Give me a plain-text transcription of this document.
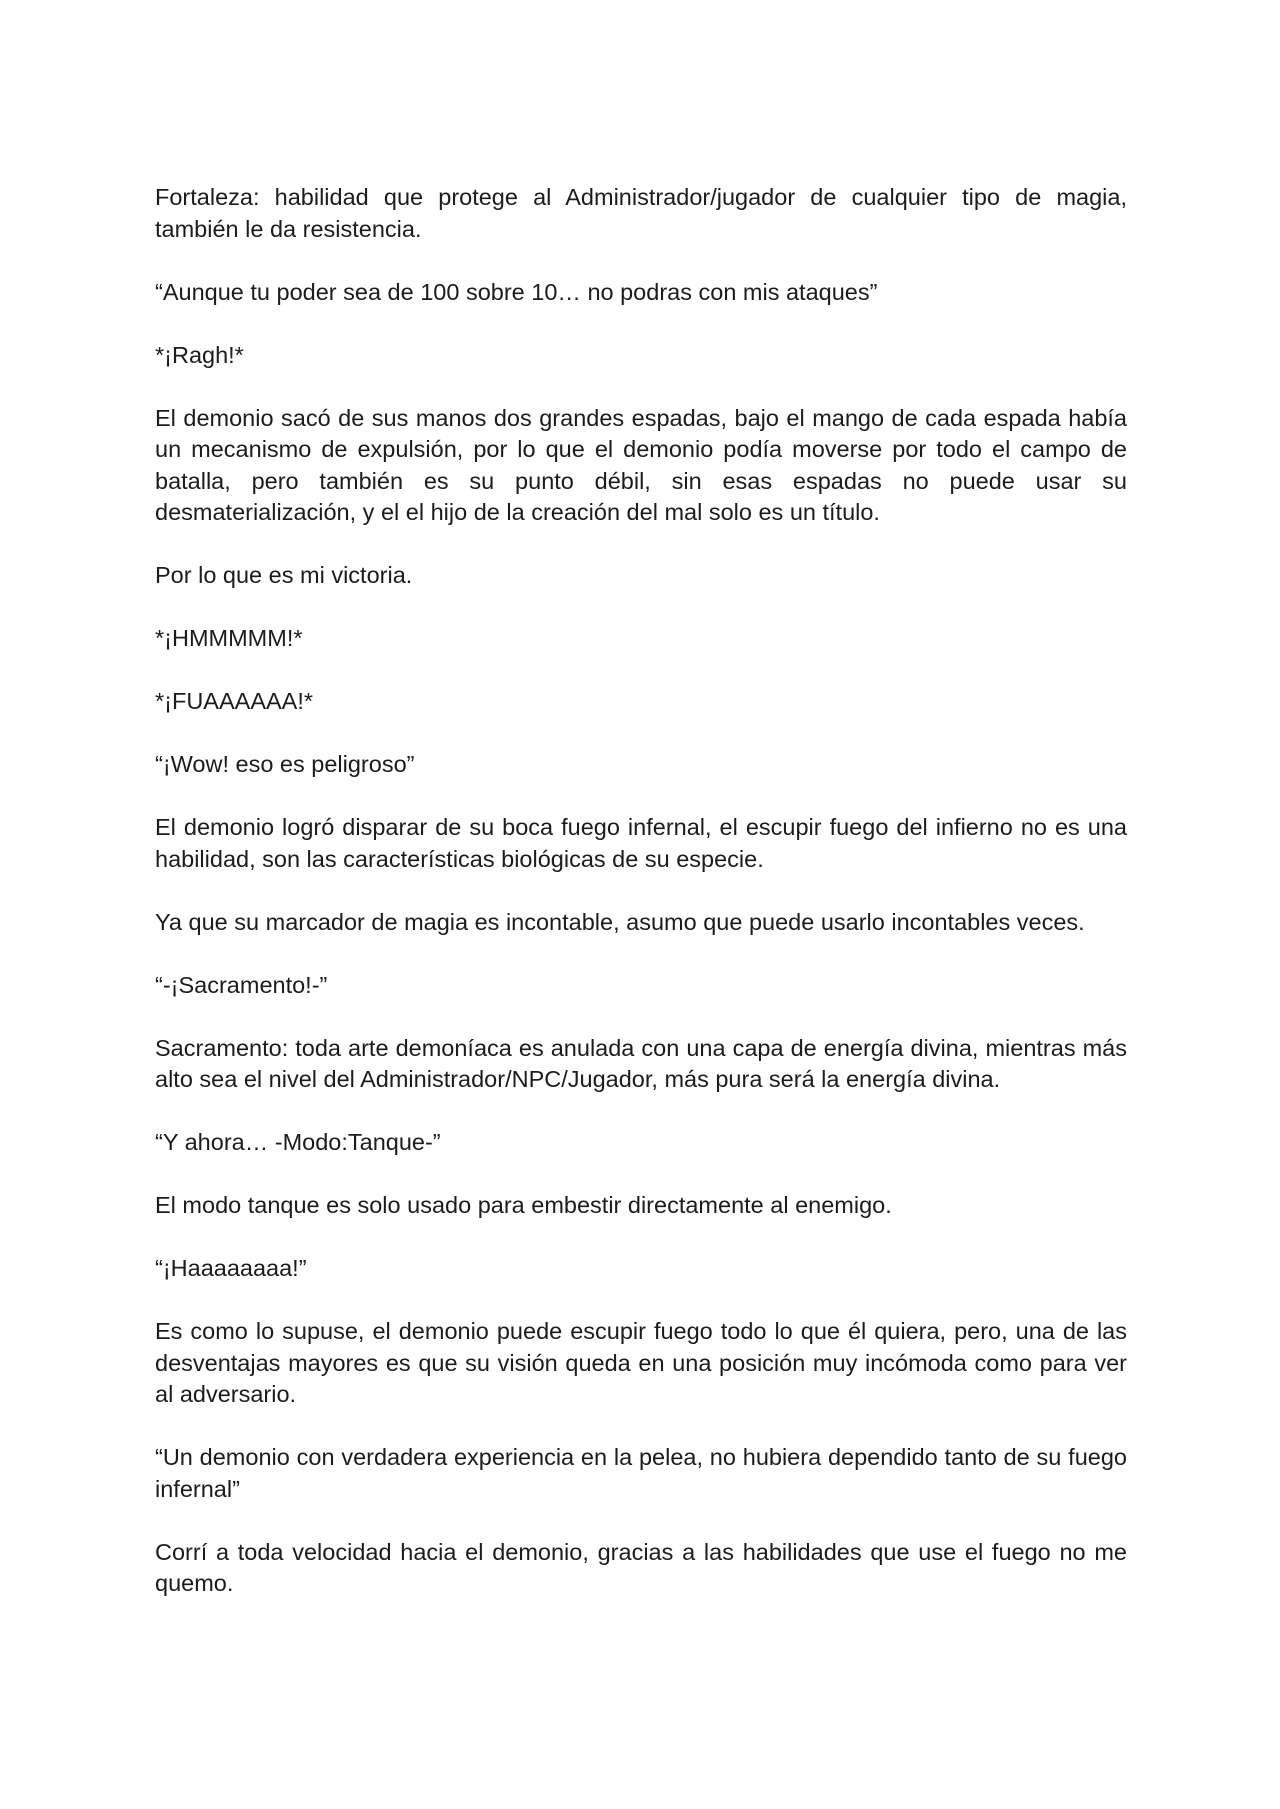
Fortaleza: habilidad que protege al Administrador/jugador de cualquier tipo de magia, también le da resistencia.

“Aunque tu poder sea de 100 sobre 10… no podras con mis ataques”

*¡Ragh!*

El demonio sacó de sus manos dos grandes espadas, bajo el mango de cada espada había un mecanismo de expulsión, por lo que el demonio podía moverse por todo el campo de batalla, pero también es su punto débil, sin esas espadas no puede usar su desmaterialización, y el el hijo de la creación del mal solo es un título.

Por lo que es mi victoria.

*¡HMMMMM!*

*¡FUAAAAAA!*

“¡Wow! eso es peligroso”

El demonio logró disparar de su boca fuego infernal, el escupir fuego del infierno no es una habilidad, son las características biológicas de su especie.

Ya que su marcador de magia es incontable, asumo que puede usarlo incontables veces.

“-¡Sacramento!-”

Sacramento: toda arte demoníaca es anulada con una capa de energía divina, mientras más alto sea el nivel del Administrador/NPC/Jugador, más pura será la energía divina.

“Y ahora… -Modo:Tanque-”

El modo tanque es solo usado para embestir directamente al enemigo.

“¡Haaaaaaaa!”

Es como lo supuse, el demonio puede escupir fuego todo lo que él quiera, pero, una de las desventajas mayores es que su visión queda en una posición muy incómoda como para ver al adversario.

“Un demonio con verdadera experiencia en la pelea, no hubiera dependido tanto de su fuego infernal”

Corrí a toda velocidad hacia el demonio, gracias a las habilidades que use el fuego no me quemo.
